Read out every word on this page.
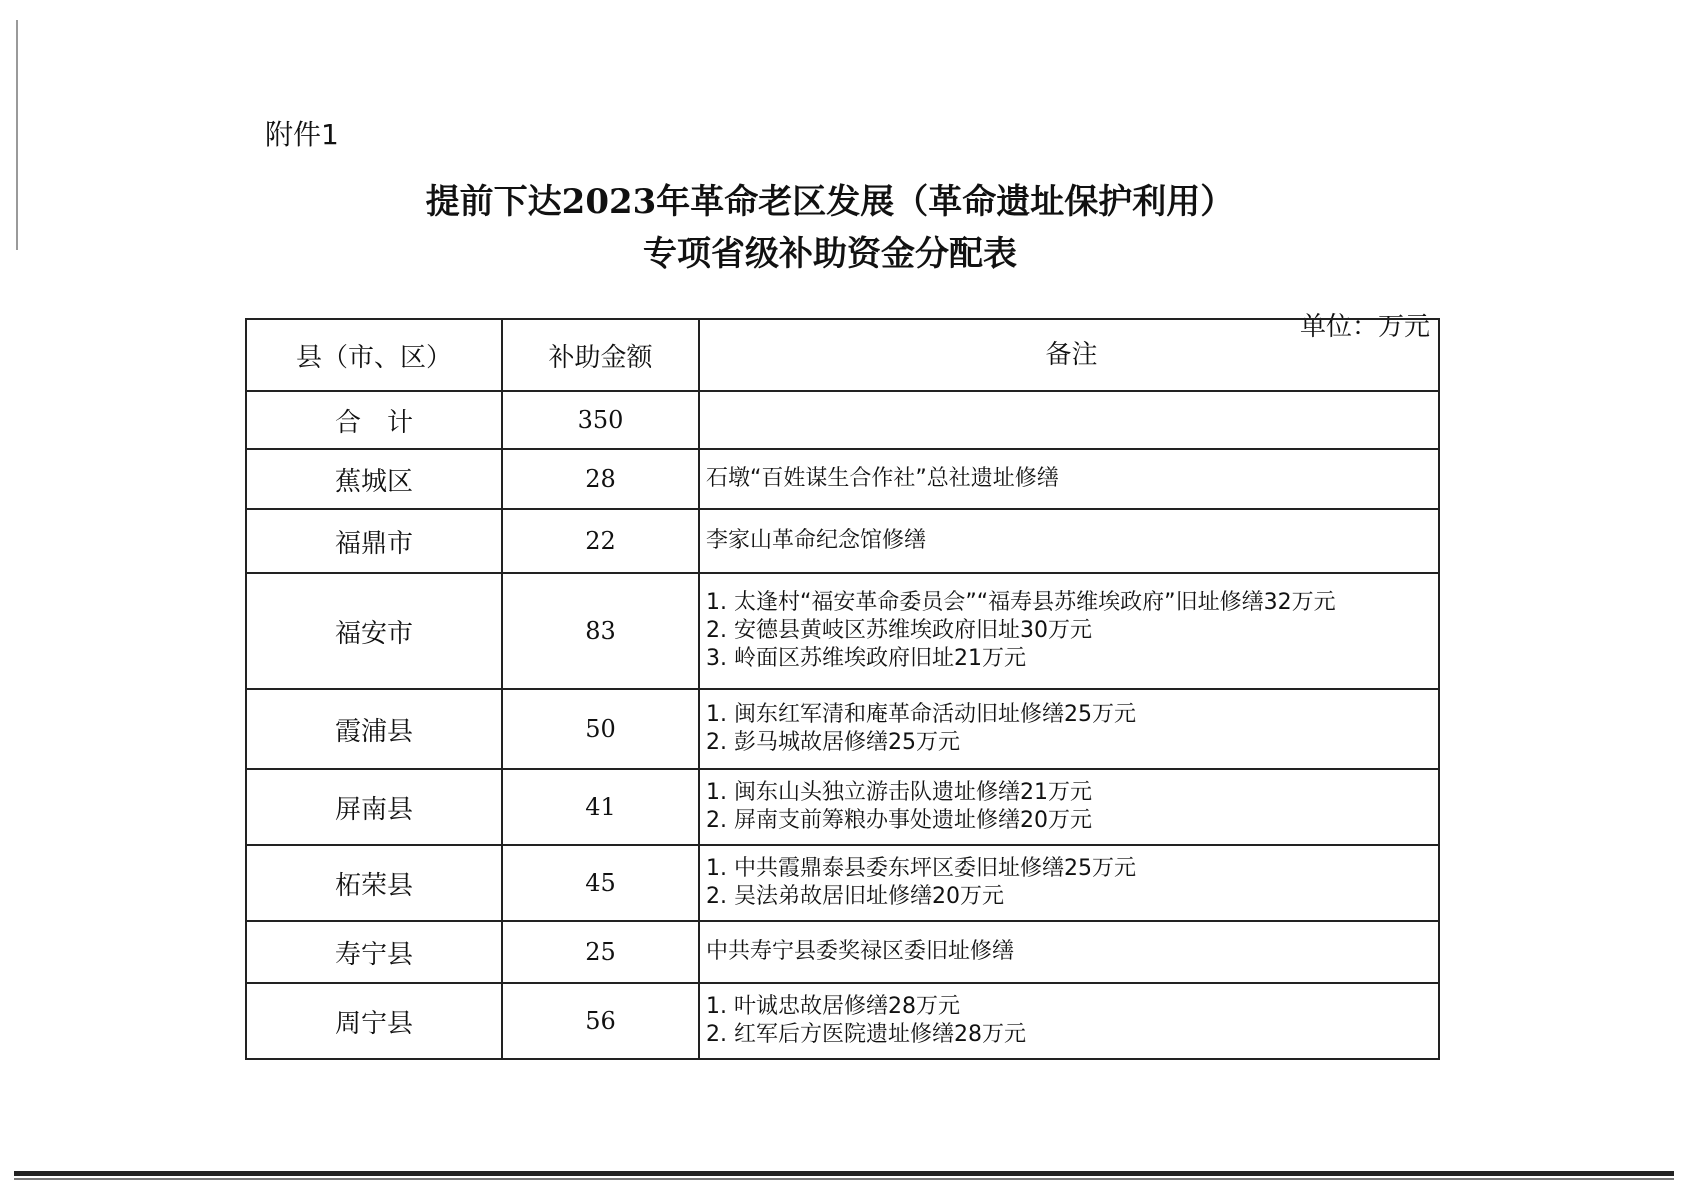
附件1
提前下达2023年革命老区发展（革命遗址保护利用）
专项省级补助资金分配表
单位：万元
县（市、区）	补助金额	备注
合　计	350	
蕉城区	28	石墩“百姓谋生合作社”总社遗址修缮

福鼎市	22	李家山革命纪念馆修缮

福安市	83	1. 太逢村“福安革命委员会”“福寿县苏维埃政府”旧址修缮32万元
2. 安德县黄岐区苏维埃政府旧址30万元
3. 岭面区苏维埃政府旧址21万元

霞浦县	50	1. 闽东红军清和庵革命活动旧址修缮25万元
2. 彭马城故居修缮25万元

屏南县	41	1. 闽东山头独立游击队遗址修缮21万元
2. 屏南支前筹粮办事处遗址修缮20万元

柘荣县	45	1. 中共霞鼎泰县委东坪区委旧址修缮25万元
2. 吴法弟故居旧址修缮20万元

寿宁县	25	中共寿宁县委奖禄区委旧址修缮

周宁县	56	1. 叶诚忠故居修缮28万元
2. 红军后方医院遗址修缮28万元
